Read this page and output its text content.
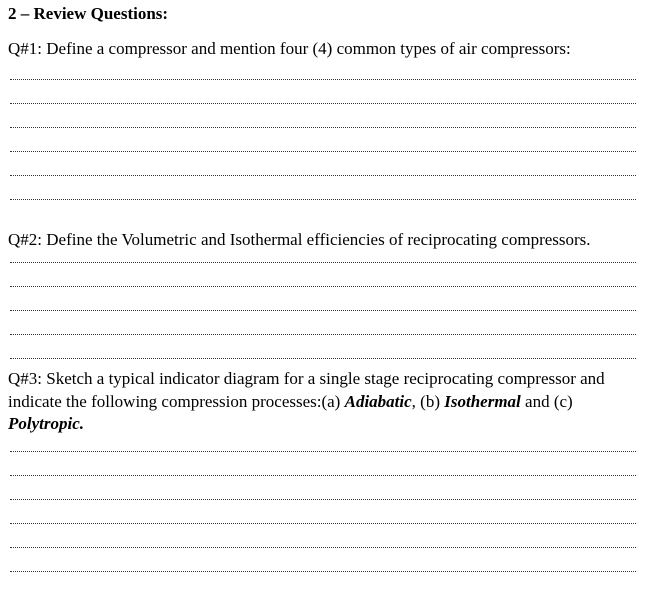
2 – Review Questions:
Q#1: Define a compressor and mention four (4) common types of air compressors:
Q#2: Define the Volumetric and Isothermal efficiencies of reciprocating compressors.
Q#3: Sketch a typical indicator diagram for a single stage reciprocating compressor and indicate the following compression processes:(a) Adiabatic, (b) Isothermal and (c) Polytropic.
